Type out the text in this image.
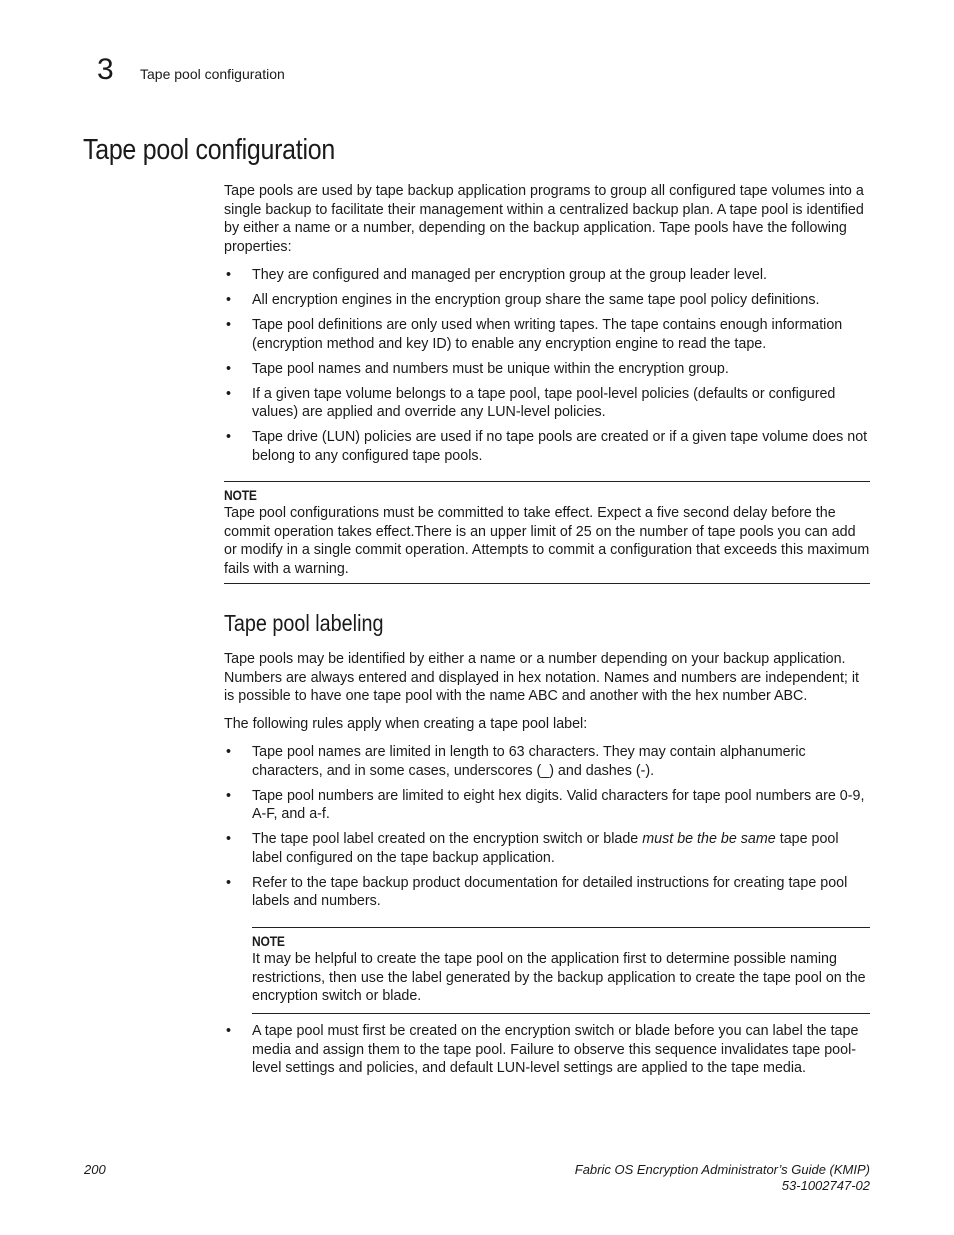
3 Tape pool configuration
Tape pool configuration

Tape pools are used by tape backup application programs to group all configured tape volumes into a single backup to facilitate their management within a centralized backup plan. A tape pool is identified by either a name or a number, depending on the backup application. Tape pools have the following properties:

• They are configured and managed per encryption group at the group leader level.
• All encryption engines in the encryption group share the same tape pool policy definitions.
• Tape pool definitions are only used when writing tapes. The tape contains enough information (encryption method and key ID) to enable any encryption engine to read the tape.
• Tape pool names and numbers must be unique within the encryption group.
• If a given tape volume belongs to a tape pool, tape pool-level policies (defaults or configured values) are applied and override any LUN-level policies.
• Tape drive (LUN) policies are used if no tape pools are created or if a given tape volume does not belong to any configured tape pools.
NOTE
Tape pool configurations must be committed to take effect. Expect a five second delay before the commit operation takes effect.There is an upper limit of 25 on the number of tape pools you can add or modify in a single commit operation. Attempts to commit a configuration that exceeds this maximum fails with a warning.
Tape pool labeling

Tape pools may be identified by either a name or a number depending on your backup application. Numbers are always entered and displayed in hex notation. Names and numbers are independent; it is possible to have one tape pool with the name ABC and another with the hex number ABC.

The following rules apply when creating a tape pool label:

• Tape pool names are limited in length to 63 characters. They may contain alphanumeric characters, and in some cases, underscores (_) and dashes (-).
• Tape pool numbers are limited to eight hex digits. Valid characters for tape pool numbers are 0-9, A-F, and a-f.
• The tape pool label created on the encryption switch or blade must be the be same tape pool label configured on the tape backup application.
• Refer to the tape backup product documentation for detailed instructions for creating tape pool labels and numbers.
NOTE
It may be helpful to create the tape pool on the application first to determine possible naming restrictions, then use the label generated by the backup application to create the tape pool on the encryption switch or blade.
• A tape pool must first be created on the encryption switch or blade before you can label the tape media and assign them to the tape pool. Failure to observe this sequence invalidates tape pool-level settings and policies, and default LUN-level settings are applied to the tape media.
200	Fabric OS Encryption Administrator’s Guide (KMIP)
53-1002747-02
